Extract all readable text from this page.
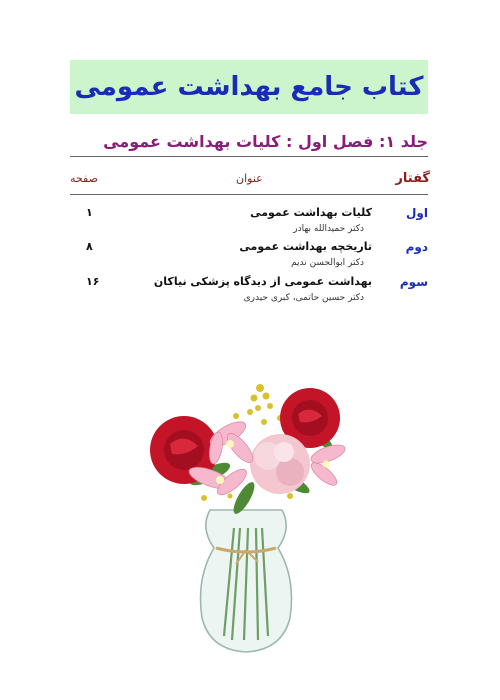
کتاب جامع بهداشت عمومی
جلد ۱: فصل اول : کلیات بهداشت عمومی
گفتار
عنوان
صفحه
اول
کلیات بهداشت عمومی
دکتر حمیدالله بهادر
۱
دوم
تاریخچه بهداشت عمومی
دکتر ابوالحسن ندیم
۸
سوم
بهداشت عمومی از دیدگاه پزشکی نیاکان
دکتر حسین حاتمی، کبری حیدری
۱۶
